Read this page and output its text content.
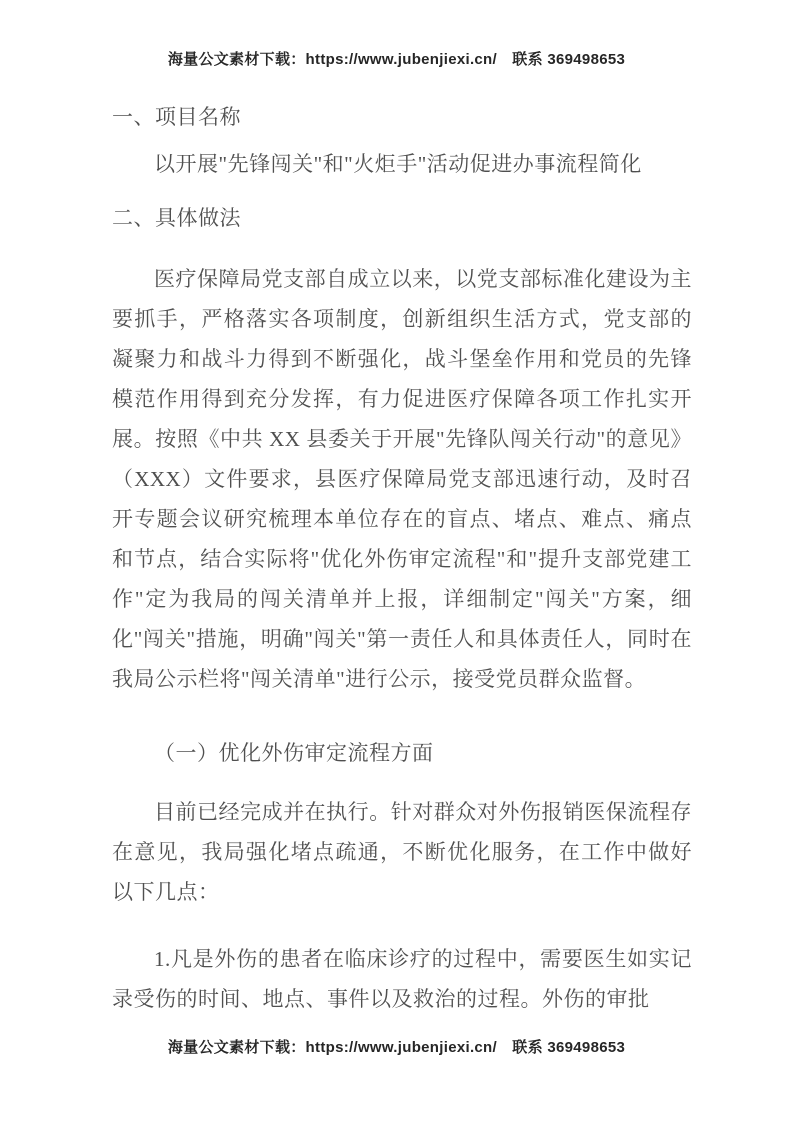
海量公文素材下载：https://www.jubenjiexi.cn/　联系 369498653
一、项目名称

以开展"先锋闯关"和"火炬手"活动促进办事流程简化

二、具体做法

医疗保障局党支部自成立以来，以党支部标准化建设为主要抓手，严格落实各项制度，创新组织生活方式，党支部的凝聚力和战斗力得到不断强化，战斗堡垒作用和党员的先锋模范作用得到充分发挥，有力促进医疗保障各项工作扎实开展。按照《中共 XX 县委关于开展"先锋队闯关行动"的意见》（XXX）文件要求，县医疗保障局党支部迅速行动，及时召开专题会议研究梳理本单位存在的盲点、堵点、难点、痛点和节点，结合实际将"优化外伤审定流程"和"提升支部党建工作"定为我局的闯关清单并上报，详细制定"闯关"方案，细化"闯关"措施，明确"闯关"第一责任人和具体责任人，同时在我局公示栏将"闯关清单"进行公示，接受党员群众监督。

（一）优化外伤审定流程方面

目前已经完成并在执行。针对群众对外伤报销医保流程存在意见，我局强化堵点疏通，不断优化服务，在工作中做好以下几点：

1.凡是外伤的患者在临床诊疗的过程中，需要医生如实记录受伤的时间、地点、事件以及救治的过程。外伤的审批

海量公文素材下载：https://www.jubenjiexi.cn/　联系 369498653
